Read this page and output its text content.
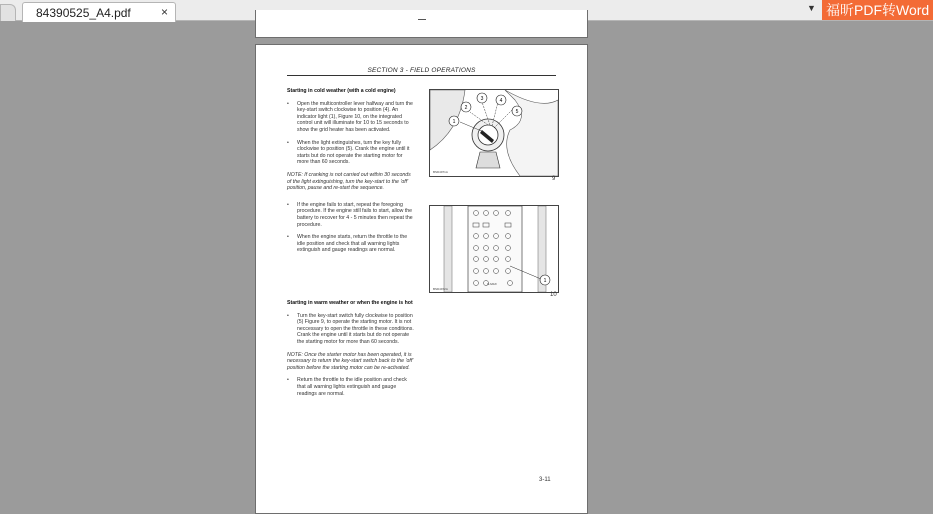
84390525_A4.pdf	×	▼ 福昕PDF转Word
SECTION 3 - FIELD OPERATIONS
Starting in cold weather (with a cold engine)
• Open the multicontroller lever halfway and turn the key-start switch clockwise to position (4). An indicator light (1), Figure 10, on the integrated control unit will illuminate for 10 to 15 seconds to show the grid heater has been activated.
• When the light extinguishes, turn the key fully clockwise to position (5). Crank the engine until it starts but do not operate the starting motor for more than 60 seconds.
NOTE: If cranking is not carried out within 30 seconds of the light extinguishing, turn the key-start to the 'off' position, pause and re-start the sequence.
• If the engine fails to start, repeat the foregoing procedure. If the engine still fails to start, allow the battery to recover for 4 - 5 minutes then repeat the procedure.
• When the engine starts, return the throttle to the idle position and check that all warning lights extinguish and gauge readings are normal.
Starting in warm weather or when the engine is hot
• Turn the key-start switch fully clockwise to position (5) Figure 9, to operate the starting motor. It is not neccessary to open the throttle in these conditions. Crank the engine until it starts but do not operate the starting motor for more than 60 seconds.
NOTE: Once the starter motor has been operated, it is necessary to return the key-start switch back to the 'off' position before the starting motor can be re-activated.
• Return the throttle to the idle position and check that all warning lights extinguish and gauge readings are normal.
1
2
3	4
5
BSD4971A
9
E-MAX	1
BSD4972A
10
3-11
